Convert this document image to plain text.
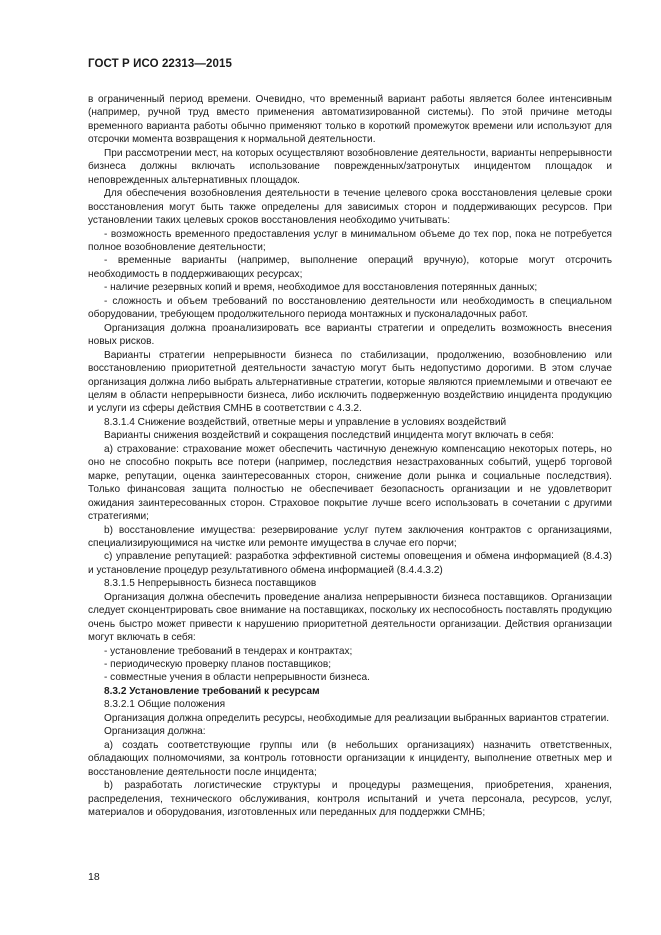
ГОСТ Р ИСО 22313—2015

в ограниченный период времени. Очевидно, что временный вариант работы является более интенсивным (например, ручной труд вместо применения автоматизированной системы). По этой причине методы временного варианта работы обычно применяют только в короткий промежуток времени или используют для отсрочки момента возвращения к нормальной деятельности.

При рассмотрении мест, на которых осуществляют возобновление деятельности, варианты непрерывности бизнеса должны включать использование поврежденных/затронутых инцидентом площадок и неповрежденных альтернативных площадок.

Для обеспечения возобновления деятельности в течение целевого срока восстановления целевые сроки восстановления могут быть также определены для зависимых сторон и поддерживающих ресурсов. При установлении таких целевых сроков восстановления необходимо учитывать:

- возможность временного предоставления услуг в минимальном объеме до тех пор, пока не потребуется полное возобновление деятельности;

- временные варианты (например, выполнение операций вручную), которые могут отсрочить необходимость в поддерживающих ресурсах;

- наличие резервных копий и время, необходимое для восстановления потерянных данных;

- сложность и объем требований по восстановлению деятельности или необходимость в специальном оборудовании, требующем продолжительного периода монтажных и пусконаладочных работ.

Организация должна проанализировать все варианты стратегии и определить возможность внесения новых рисков.

Варианты стратегии непрерывности бизнеса по стабилизации, продолжению, возобновлению или восстановлению приоритетной деятельности зачастую могут быть недопустимо дорогими. В этом случае организация должна либо выбрать альтернативные стратегии, которые являются приемлемыми и отвечают ее целям в области непрерывности бизнеса, либо исключить подверженную воздействию инцидента продукцию и услуги из сферы действия СМНБ в соответствии с 4.3.2.

8.3.1.4 Снижение воздействий, ответные меры и управление в условиях воздействий

Варианты снижения воздействий и сокращения последствий инцидента могут включать в себя:

а) страхование: страхование может обеспечить частичную денежную компенсацию некоторых потерь, но оно не способно покрыть все потери (например, последствия незастрахованных событий, ущерб торговой марке, репутации, оценка заинтересованных сторон, снижение доли рынка и социальные последствия). Только финансовая защита полностью не обеспечивает безопасность организации и не удовлетворит ожидания заинтересованных сторон. Страховое покрытие лучше всего использовать в сочетании с другими стратегиями;

b) восстановление имущества: резервирование услуг путем заключения контрактов с организациями, специализирующимися на чистке или ремонте имущества в случае его порчи;

c) управление репутацией: разработка эффективной системы оповещения и обмена информацией (8.4.3) и установление процедур результативного обмена информацией (8.4.4.3.2)

8.3.1.5 Непрерывность бизнеса поставщиков

Организация должна обеспечить проведение анализа непрерывности бизнеса поставщиков. Организации следует сконцентрировать свое внимание на поставщиках, поскольку их неспособность поставлять продукцию очень быстро может привести к нарушению приоритетной деятельности организации. Действия организации могут включать в себя:

- установление требований в тендерах и контрактах;

- периодическую проверку планов поставщиков;

- совместные учения в области непрерывности бизнеса.

8.3.2 Установление требований к ресурсам

8.3.2.1 Общие положения

Организация должна определить ресурсы, необходимые для реализации выбранных вариантов стратегии.

Организация должна:

а) создать соответствующие группы или (в небольших организациях) назначить ответственных, обладающих полномочиями, за контроль готовности организации к инциденту, выполнение ответных мер и восстановление деятельности после инцидента;

b) разработать логистические структуры и процедуры размещения, приобретения, хранения, распределения, технического обслуживания, контроля испытаний и учета персонала, ресурсов, услуг, материалов и оборудования, изготовленных или переданных для поддержки СМНБ;

18
